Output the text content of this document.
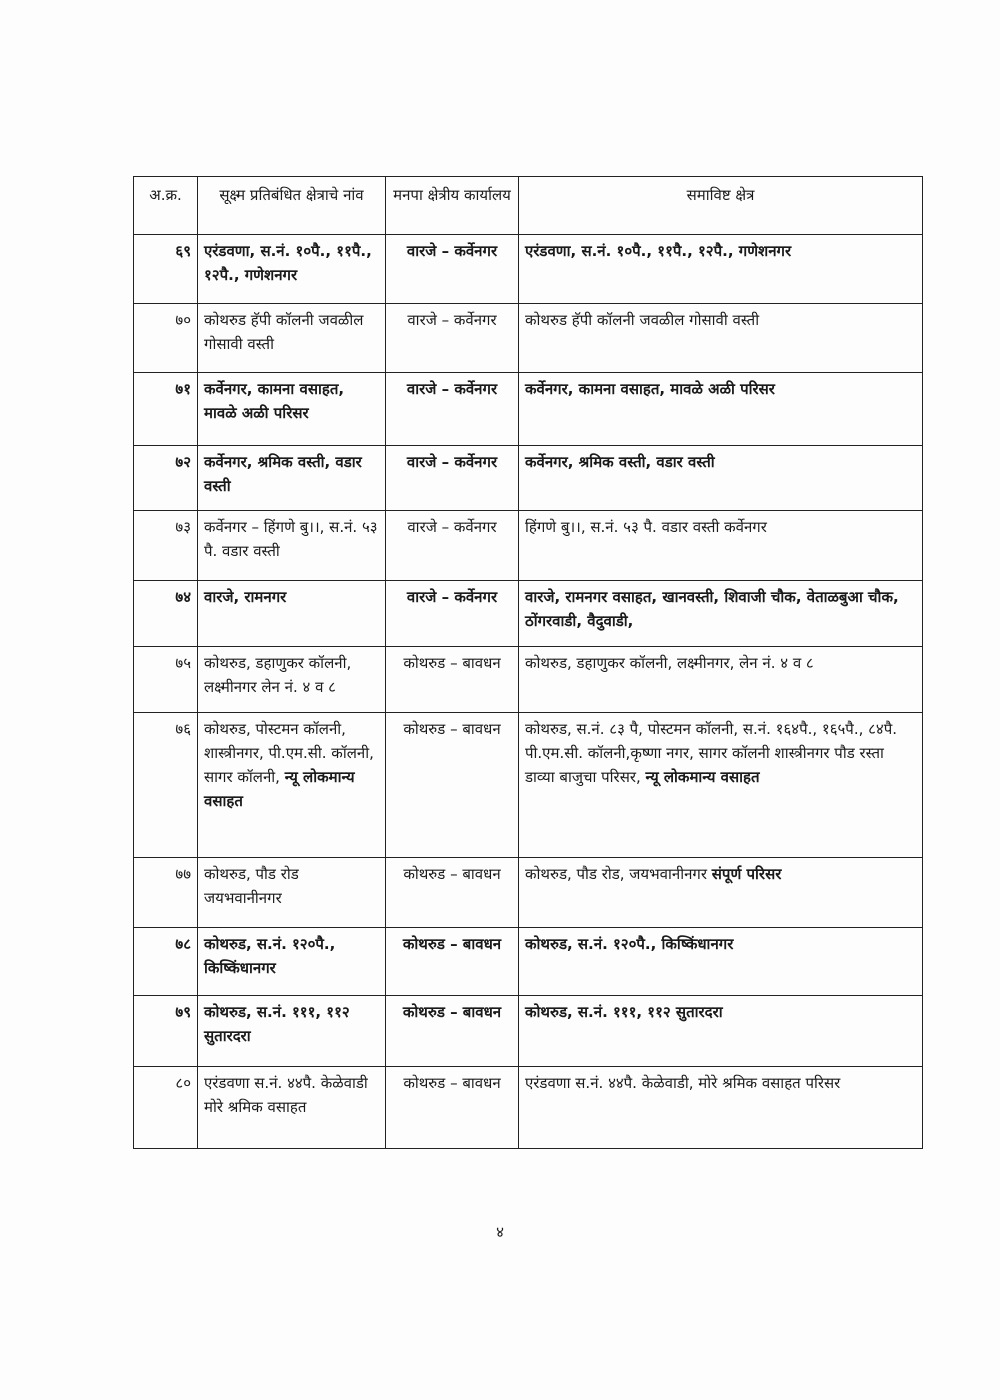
अ.क्र.	सूक्ष्म प्रतिबंधित क्षेत्राचे नांव	मनपा क्षेत्रीय कार्यालय	समाविष्ट क्षेत्र
६९	एरंडवणा, स.नं. १०पै., ११पै., १२पै., गणेशनगर	वारजे – कर्वेनगर	एरंडवणा, स.नं. १०पै., ११पै., १२पै., गणेशनगर
७०	कोथरुड हॅपी कॉलनी जवळील गोसावी वस्ती	वारजे – कर्वेनगर	कोथरुड हॅपी कॉलनी जवळील गोसावी वस्ती
७१	कर्वेनगर, कामना वसाहत, मावळे अळी परिसर	वारजे – कर्वेनगर	कर्वेनगर, कामना वसाहत, मावळे अळी परिसर
७२	कर्वेनगर, श्रमिक वस्ती, वडार वस्ती	वारजे – कर्वेनगर	कर्वेनगर, श्रमिक वस्ती, वडार वस्ती
७३	कर्वेनगर – हिंगणे बु।।, स.नं. ५३ पै. वडार वस्ती	वारजे – कर्वेनगर	हिंगणे बु।।, स.नं. ५३ पै. वडार वस्ती कर्वेनगर
७४	वारजे, रामनगर	वारजे – कर्वेनगर	वारजे, रामनगर वसाहत, खानवस्ती, शिवाजी चौक, वेताळबुआ चौक, ठोंगरवाडी, वैदुवाडी,
७५	कोथरुड, डहाणुकर कॉलनी, लक्ष्मीनगर लेन नं. ४ व ८	कोथरुड – बावधन	कोथरुड, डहाणुकर कॉलनी, लक्ष्मीनगर, लेन नं. ४ व ८
७६	कोथरुड, पोस्टमन कॉलनी, शास्त्रीनगर, पी.एम.सी. कॉलनी, सागर कॉलनी, न्यू लोकमान्य वसाहत	कोथरुड – बावधन	कोथरुड, स.नं. ८३ पै, पोस्टमन कॉलनी, स.नं. १६४पै., १६५पै., ८४पै. पी.एम.सी. कॉलनी,कृष्णा नगर, सागर कॉलनी शास्त्रीनगर पौड रस्ता डाव्या बाजुचा परिसर, न्यू लोकमान्य वसाहत
७७	कोथरुड, पौड रोड जयभवानीनगर	कोथरुड – बावधन	कोथरुड, पौड रोड, जयभवानीनगर संपूर्ण परिसर
७८	कोथरुड, स.नं. १२०पै., किष्किंधानगर	कोथरुड – बावधन	कोथरुड, स.नं. १२०पै., किष्किंधानगर
७९	कोथरुड, स.नं. १११, ११२ सुतारदरा	कोथरुड – बावधन	कोथरुड, स.नं. १११, ११२ सुतारदरा
८०	एरंडवणा स.नं. ४४पै. केळेवाडी मोरे श्रमिक वसाहत	कोथरुड – बावधन	एरंडवणा स.नं. ४४पै. केळेवाडी, मोरे श्रमिक वसाहत परिसर
४
